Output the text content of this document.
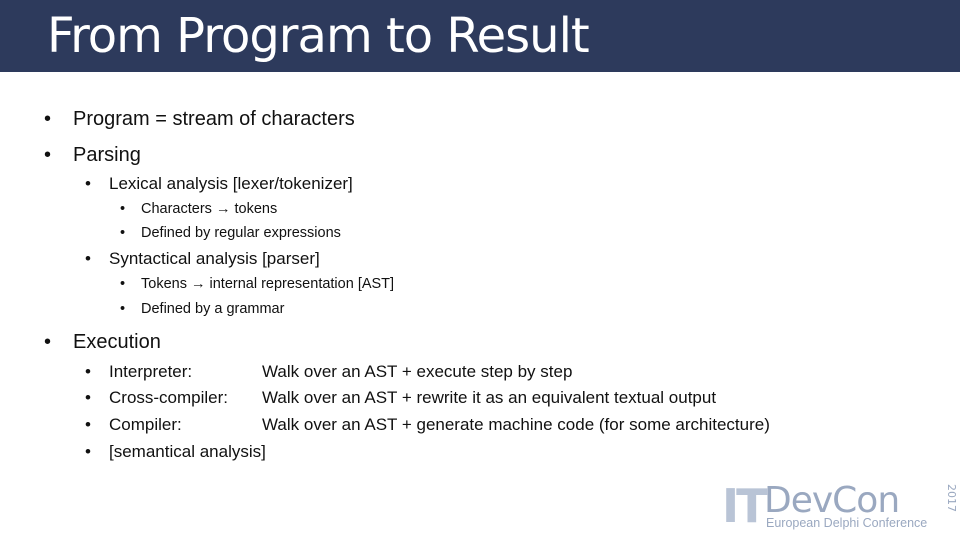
From Program to Result
• Program = stream of characters
• Parsing
• Lexical analysis [lexer/tokenizer]
• Characters → tokens
• Defined by regular expressions
• Syntactical analysis [parser]
• Tokens → internal representation [AST]
• Defined by a grammar
• Execution
• Interpreter:	Walk over an AST + execute step by step
• Cross-compiler: Walk over an AST + rewrite it as an equivalent textual output
• Compiler:	Walk over an AST + generate machine code (for some architecture)
• [semantical analysis]
IT DevCon
European Delphi Conference
2017
